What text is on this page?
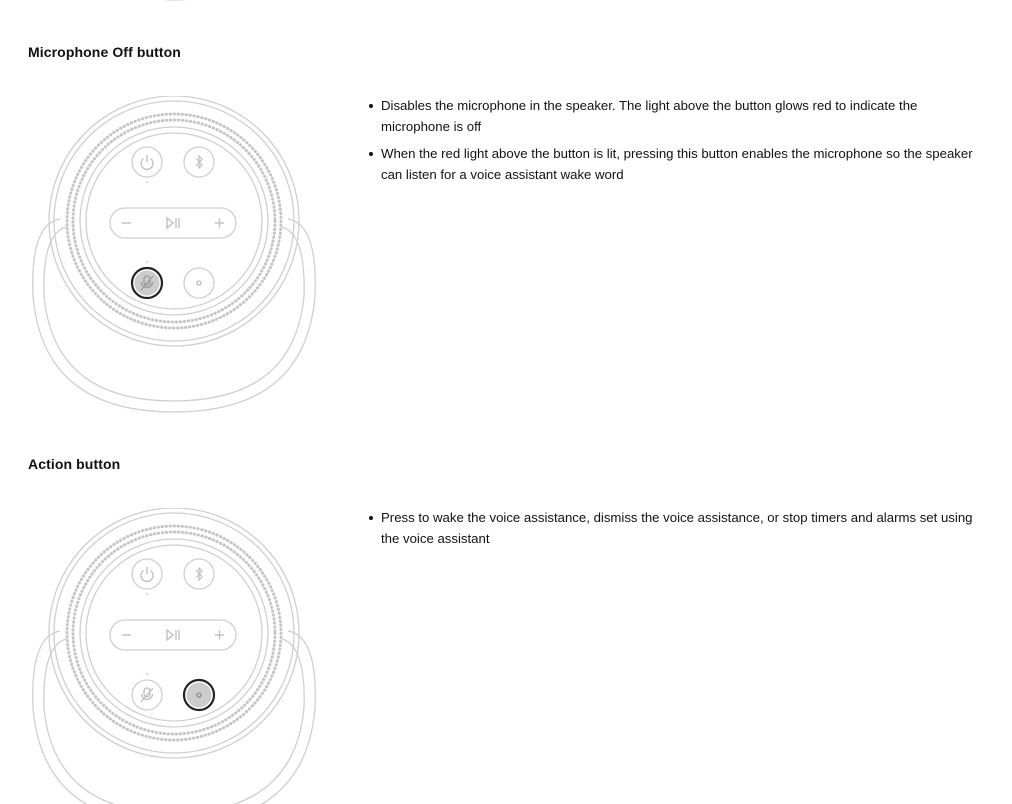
Microphone Off button
Disables the microphone in the speaker. The light above the button glows red to indicate the microphone is off
When the red light above the button is lit, pressing this button enables the microphone so the speaker can listen for a voice assistant wake word
Action button
Press to wake the voice assistance, dismiss the voice assistance, or stop timers and alarms set using the voice assistant
